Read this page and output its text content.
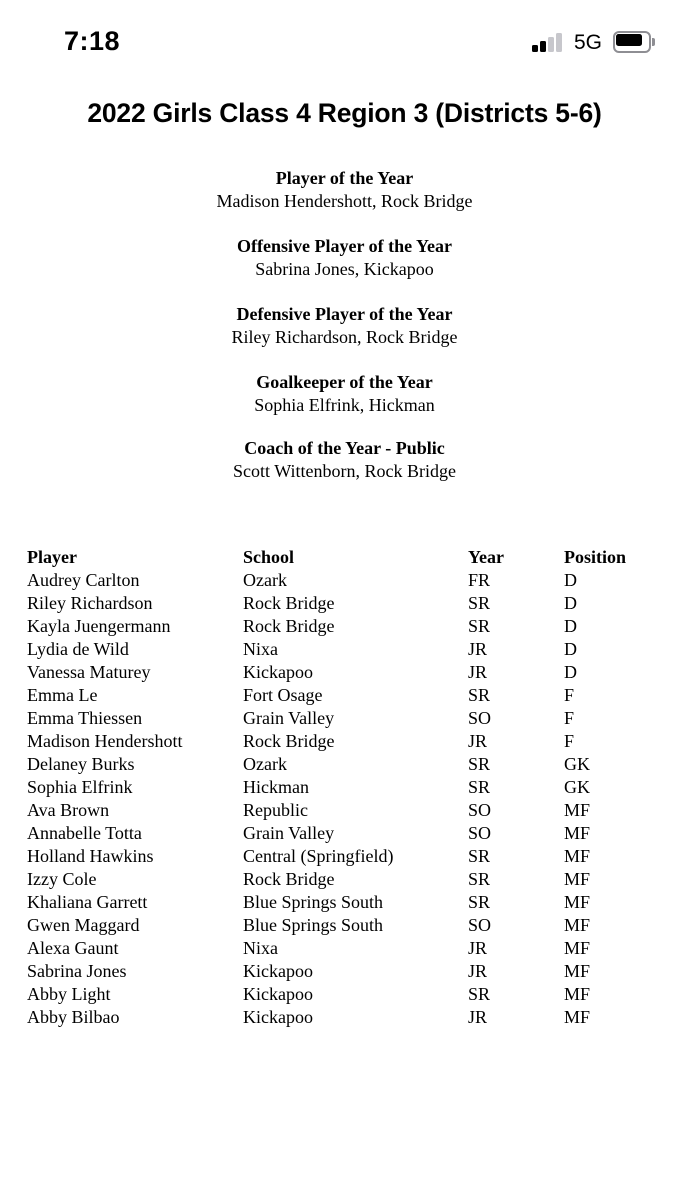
7:18	5G
2022 Girls Class 4 Region 3 (Districts 5-6)
Player of the Year
Madison Hendershott, Rock Bridge
Offensive Player of the Year
Sabrina Jones, Kickapoo
Defensive Player of the Year
Riley Richardson, Rock Bridge
Goalkeeper of the Year
Sophia Elfrink, Hickman
Coach of the Year - Public
Scott Wittenborn, Rock Bridge
Player	School	Year	Position
Audrey Carlton	Ozark	FR	D
Riley Richardson	Rock Bridge	SR	D
Kayla Juengermann	Rock Bridge	SR	D
Lydia de Wild	Nixa	JR	D
Vanessa Maturey	Kickapoo	JR	D
Emma Le	Fort Osage	SR	F
Emma Thiessen	Grain Valley	SO	F
Madison Hendershott	Rock Bridge	JR	F
Delaney Burks	Ozark	SR	GK
Sophia Elfrink	Hickman	SR	GK
Ava Brown	Republic	SO	MF
Annabelle Totta	Grain Valley	SO	MF
Holland Hawkins	Central (Springfield)	SR	MF
Izzy Cole	Rock Bridge	SR	MF
Khaliana Garrett	Blue Springs South	SR	MF
Gwen Maggard	Blue Springs South	SO	MF
Alexa Gaunt	Nixa	JR	MF
Sabrina Jones	Kickapoo	JR	MF
Abby Light	Kickapoo	SR	MF
Abby Bilbao	Kickapoo	JR	MF
